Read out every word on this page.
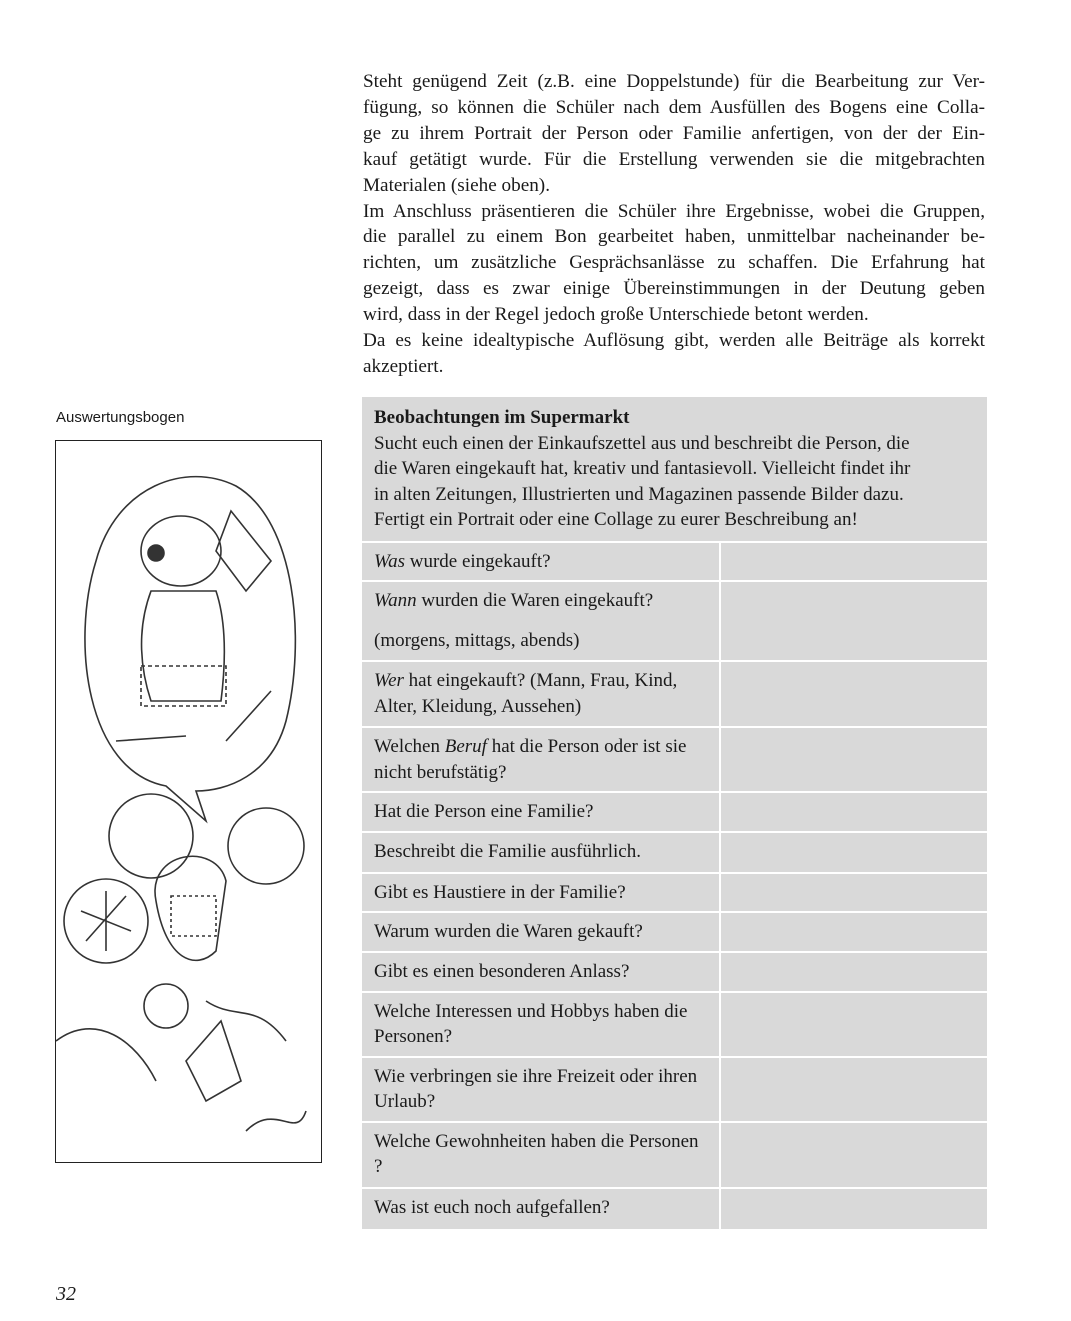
Steht genügend Zeit (z.B. eine Doppelstunde) für die Bearbeitung zur Ver-
fügung, so können die Schüler nach dem Ausfüllen des Bogens eine Colla-
ge zu ihrem Portrait der Person oder Familie anfertigen, von der der Ein-
kauf getätigt wurde. Für die Erstellung verwenden sie die mitgebrachten
Materialen (siehe oben).
Im Anschluss präsentieren die Schüler ihre Ergebnisse, wobei die Gruppen,
die parallel zu einem Bon gearbeitet haben, unmittelbar nacheinander be-
richten, um zusätzliche Gesprächsanlässe zu schaffen. Die Erfahrung hat
gezeigt, dass es zwar einige Übereinstimmungen in der Deutung geben
wird, dass in der Regel jedoch große Unterschiede betont werden.
Da es keine idealtypische Auflösung gibt, werden alle Beiträge als korrekt
akzeptiert.
Auswertungsbogen	Beobachtungen im Supermarkt
Sucht euch einen der Einkaufszettel aus und beschreibt die Person, die
die Waren eingekauft hat, kreativ und fantasievoll. Vielleicht findet ihr
in alten Zeitungen, Illustrierten und Magazinen passende Bilder dazu.
Fertigt ein Portrait oder eine Collage zu eurer Beschreibung an!	

Was wurde eingekauft?	
Wann wurden die Waren eingekauft?
(morgens, mittags, abends)	

Wer hat eingekauft? (Mann, Frau, Kind, Alter, Kleidung, Aussehen)	
Welchen Beruf hat die Person oder ist sie nicht berufstätig?	
Hat die Person eine Familie?	
Beschreibt die Familie ausführlich.	
Gibt es Haustiere in der Familie?	
Warum wurden die Waren gekauft?	
Gibt es einen besonderen Anlass?	
Welche Interessen und Hobbys haben die Personen?	
Wie verbringen sie ihre Freizeit oder ihren Urlaub?	
Welche Gewohnheiten haben die Personen ?	
Was ist euch noch aufgefallen?	
32
